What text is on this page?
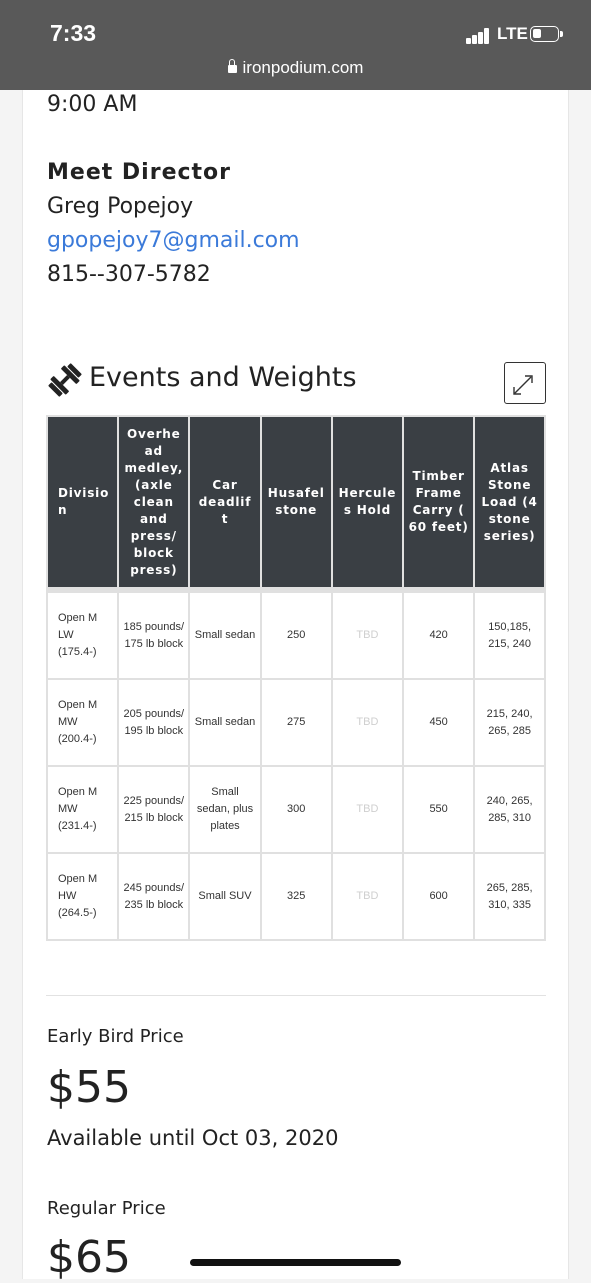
7:33	LTE
ironpodium.com
9:00 AM
Meet Director
Greg Popejoy
gpopejoy7@gmail.com
815--307-5782
Events and Weights
Divisio n	Overhe ad medley, (axle clean and press/ block press)	Car deadlif t	Husafel stone	Hercule s Hold	Timber Frame Carry ( 60 feet)	Atlas Stone Load (4 stone series)

Open M LW (175.4-)	185 pounds/ 175 lb block	Small sedan	250	TBD	420	150,185, 215, 240
Open M MW (200.4-)	205 pounds/ 195 lb block	Small sedan	275	TBD	450	215, 240, 265, 285
Open M MW (231.4-)	225 pounds/ 215 lb block	Small sedan, plus plates	300	TBD	550	240, 265, 285, 310
Open M HW (264.5-)	245 pounds/ 235 lb block	Small SUV	325	TBD	600	265, 285, 310, 335
Early Bird Price
$55
Available until Oct 03, 2020
Regular Price
$65
